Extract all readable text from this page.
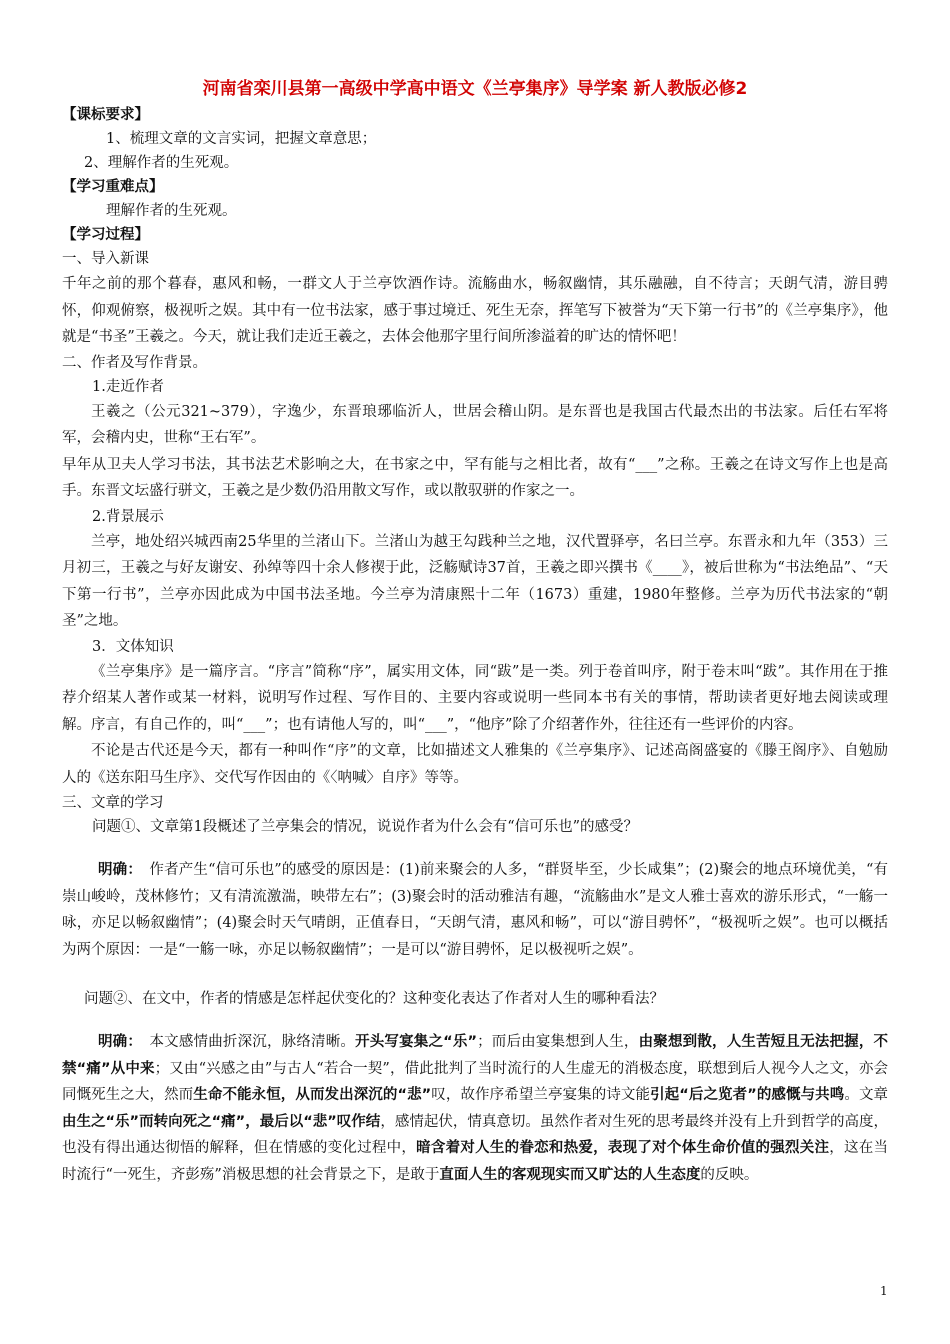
河南省栾川县第一高级中学高中语文《兰亭集序》导学案 新人教版必修2
【课标要求】
1、梳理文章的文言实词，把握文章意思；
2、理解作者的生死观。
【学习重难点】
理解作者的生死观。
【学习过程】
一、导入新课
千年之前的那个暮春，惠风和畅，一群文人于兰亭饮酒作诗。流觞曲水，畅叙幽情，其乐融融，自不待言；天朗气清，游目骋怀，仰观俯察，极视听之娱。其中有一位书法家，感于事过境迁、死生无奈，挥笔写下被誉为“天下第一行书”的《兰亭集序》，他就是“书圣”王羲之。今天，就让我们走近王羲之，去体会他那字里行间所渗溢着的旷达的情怀吧！
二、作者及写作背景。
1.走近作者
王羲之（公元321~379），字逸少，东晋琅琊临沂人，世居会稽山阴。是东晋也是我国古代最杰出的书法家。后任右军将军，会稽内史，世称“王右军”。
早年从卫夫人学习书法，其书法艺术影响之大，在书家之中，罕有能与之相比者，故有“___”之称。王羲之在诗文写作上也是高手。东晋文坛盛行骈文，王羲之是少数仍沿用散文写作，或以散驭骈的作家之一。
2.背景展示
兰亭，地处绍兴城西南25华里的兰渚山下。兰渚山为越王勾践种兰之地，汉代置驿亭，名曰兰亭。东晋永和九年（353）三月初三，王羲之与好友谢安、孙绰等四十余人修禊于此，泛觞赋诗37首，王羲之即兴撰书《____》，被后世称为“书法绝品”、“天下第一行书”，兰亭亦因此成为中国书法圣地。今兰亭为清康熙十二年（1673）重建，1980年整修。兰亭为历代书法家的“朝圣”之地。
3．文体知识
《兰亭集序》是一篇序言。“序言”简称“序”，属实用文体，同“跋”是一类。列于卷首叫序，附于卷末叫“跋”。其作用在于推荐介绍某人著作或某一材料，说明写作过程、写作目的、主要内容或说明一些同本书有关的事情，帮助读者更好地去阅读或理解。序言，有自己作的，叫“___”；也有请他人写的，叫“___”，“他序”除了介绍著作外，往往还有一些评价的内容。
不论是古代还是今天，都有一种叫作“序”的文章，比如描述文人雅集的《兰亭集序》、记述高阁盛宴的《滕王阁序》、自勉励人的《送东阳马生序》、交代写作因由的《〈呐喊〉自序》等等。
三、文章的学习
问题①、文章第1段概述了兰亭集会的情况，说说作者为什么会有“信可乐也”的感受？
明确：　 作者产生“信可乐也”的感受的原因是：(1)前来聚会的人多，“群贤毕至，少长咸集”；(2)聚会的地点环境优美，“有崇山峻岭，茂林修竹；又有清流激湍，映带左右”；(3)聚会时的活动雅洁有趣，“流觞曲水”是文人雅士喜欢的游乐形式，“一觞一咏，亦足以畅叙幽情”；(4)聚会时天气晴朗，正值春日，“天朗气清，惠风和畅”，可以“游目骋怀”，“极视听之娱”。也可以概括为两个原因：一是“一觞一咏，亦足以畅叙幽情”；一是可以“游目骋怀，足以极视听之娱”。
问题②、在文中，作者的情感是怎样起伏变化的？这种变化表达了作者对人生的哪种看法？
明确：　 本文感情曲折深沉，脉络清晰。开头写宴集之“乐”；而后由宴集想到人生，由聚想到散，人生苦短且无法把握，不禁“痛”从中来；又由“兴感之由”与古人“若合一契”，借此批判了当时流行的人生虚无的消极态度，联想到后人视今人之文，亦会同慨死生之大，然而生命不能永恒，从而发出深沉的“悲”叹，故作序希望兰亭宴集的诗文能引起“后之览者”的感慨与共鸣。文章由生之“乐”而转向死之“痛”，最后以“悲”叹作结，感情起伏，情真意切。虽然作者对生死的思考最终并没有上升到哲学的高度，也没有得出通达彻悟的解释，但在情感的变化过程中，暗含着对人生的眷恋和热爱，表现了对个体生命价值的强烈关注，这在当时流行“一死生，齐彭殇”消极思想的社会背景之下，是敢于直面人生的客观现实而又旷达的人生态度的反映。
1
